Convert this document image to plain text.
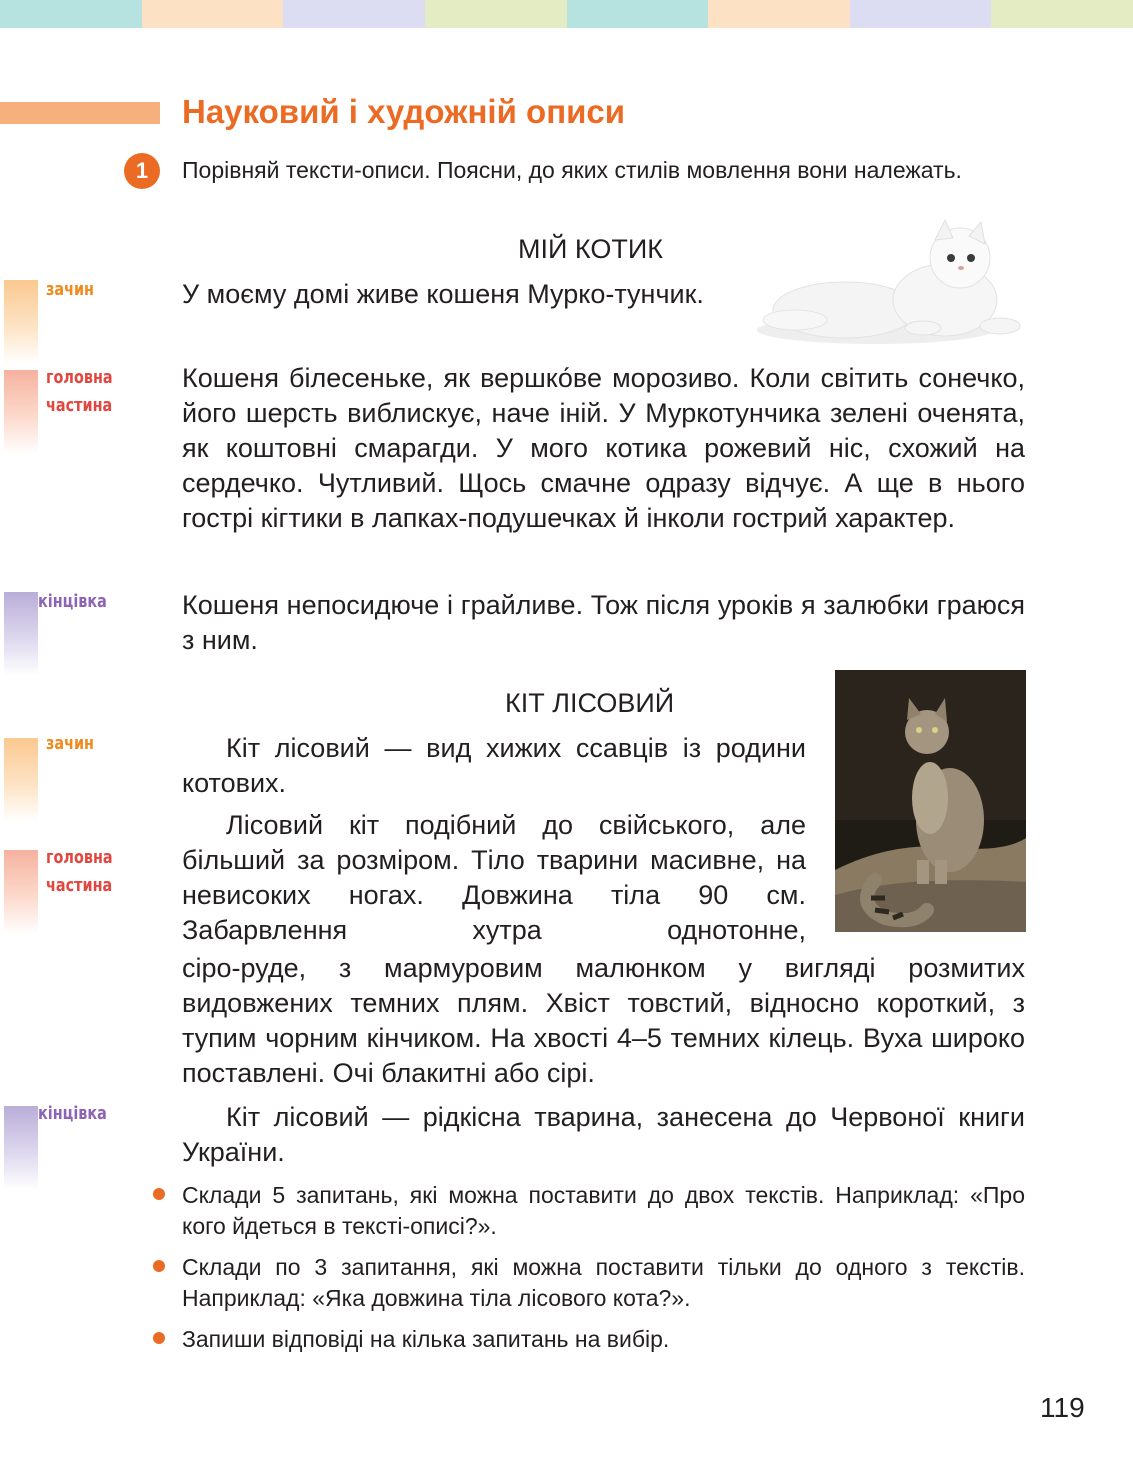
Науковий і художній описи
1	Порівняй тексти-описи. Поясни, до яких стилів мовлення вони належать.

МІЙ КОТИК
зачин	У моєму домі живе кошеня Мурко-тунчик.

головна
частина

Кошеня білесеньке, як вершко́ве морозиво. Коли світить сонечко, його шерсть виблискує, наче іній. У Муркотунчика зелені оченята, як коштовні смарагди. У мого котика рожевий ніс, схожий на сердечко. Чутливий. Щось смачне одразу відчує. А ще в нього гострі кігтики в лапках-подушечках й інколи гострий характер.

кінцівка	Кошеня непосидюче і грайливе. Тож після уроків я залюбки граюся з ним.

КІТ ЛІСОВИЙ
зачин	Кіт лісовий — вид хижих ссавців із родини котових.

головна
частина

Лісовий кіт подібний до свійського, але більший за розміром. Тіло тварини масивне, на невисоких ногах. Довжина тіла 90 см. Забарвлення хутра однотонне,

сіро-руде, з мармуровим малюнком у вигляді розмитих видовжених темних плям. Хвіст товстий, відносно короткий, з тупим чорним кінчиком. На хвості 4–5 темних кілець. Вуха широко поставлені. Очі блакитні або сірі.

кінцівка	Кіт лісовий — рідкісна тварина, занесена до Червоної книги України.

Склади 5 запитань, які можна поставити до двох текстів. Наприклад: «Про кого йдеться в тексті-описі?».

Склади по 3 запитання, які можна поставити тільки до одного з текстів. Наприклад: «Яка довжина тіла лісового кота?».

Запиши відповіді на кілька запитань на вибір.

119
